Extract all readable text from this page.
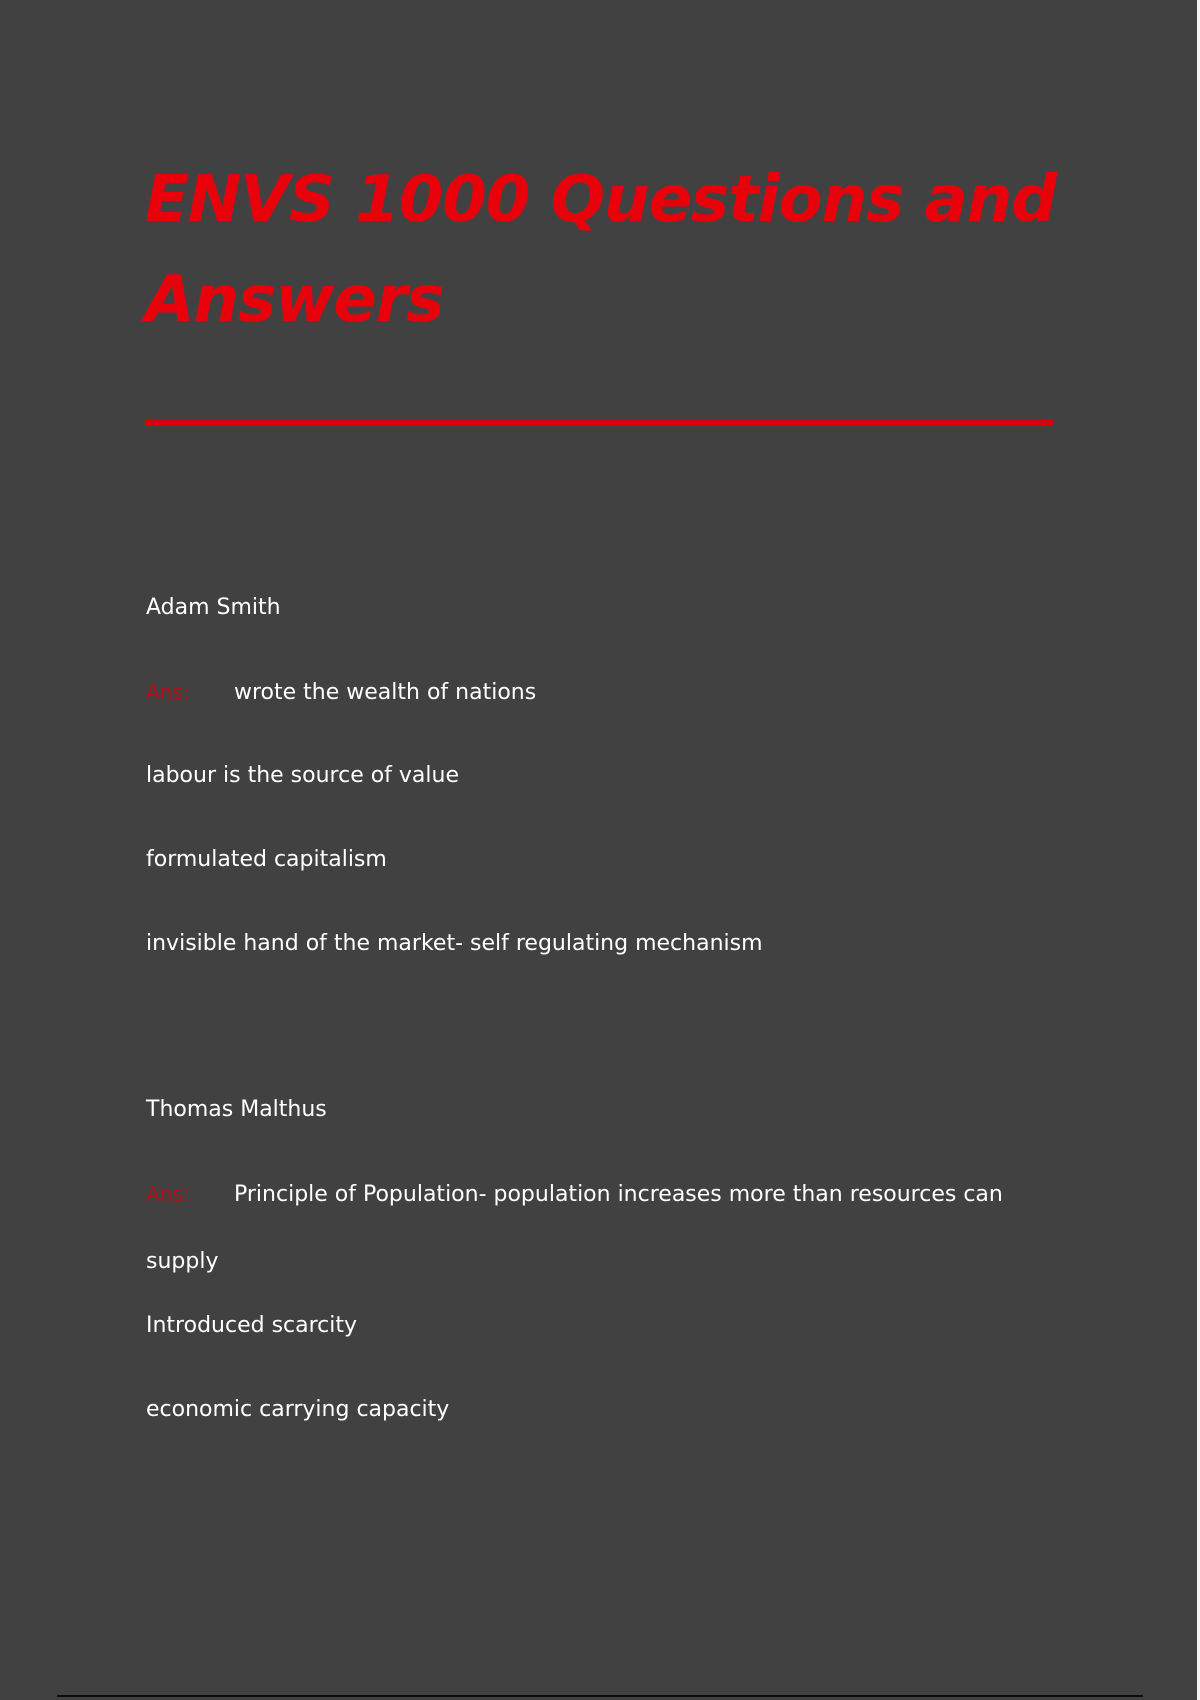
ENVS 1000 Questions and Answers
Adam Smith
Ans: wrote the wealth of nations
labour is the source of value
formulated capitalism
invisible hand of the market- self regulating mechanism
Thomas Malthus
Ans: Principle of Population- population increases more than resources can supply
Introduced scarcity
economic carrying capacity
